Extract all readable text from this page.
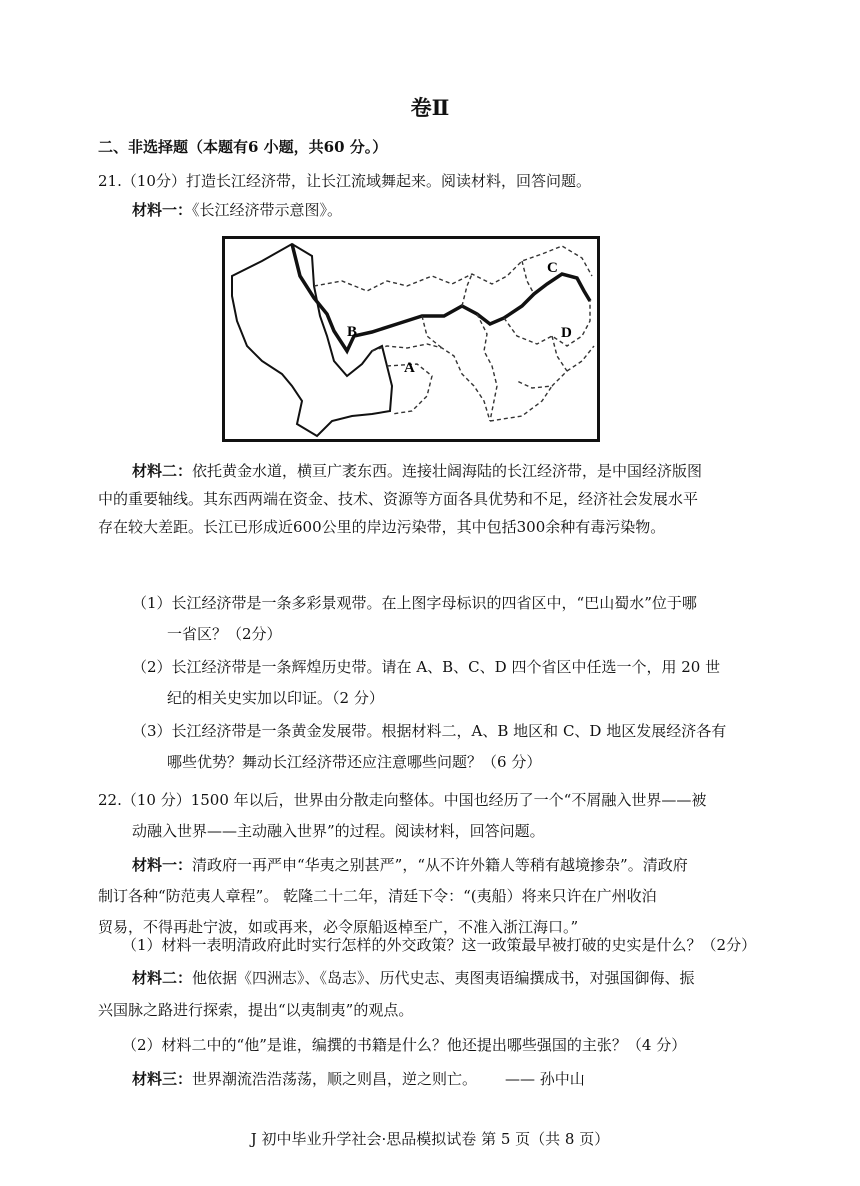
卷Ⅱ
二、非选择题（本题有6 小题，共60 分。）
21.（10分）打造长江经济带，让长江流域舞起来。阅读材料，回答问题。
材料一：《长江经济带示意图》。
B
A
C
D
材料二：依托黄金水道，横亘广袤东西。连接壮阔海陆的长江经济带，是中国经济版图
中的重要轴线。其东西两端在资金、技术、资源等方面各具优势和不足，经济社会发展水平
存在较大差距。长江已形成近600公里的岸边污染带，其中包括300余种有毒污染物。
（1）长江经济带是一条多彩景观带。在上图字母标识的四省区中，“巴山蜀水”位于哪
一省区？（2分）
（2）长江经济带是一条辉煌历史带。请在 A、B、C、D 四个省区中任选一个，用 20 世
纪的相关史实加以印证。（2 分）
（3）长江经济带是一条黄金发展带。根据材料二，A、B 地区和 C、D 地区发展经济各有
哪些优势？舞动长江经济带还应注意哪些问题？（6 分）
22.（10 分）1500 年以后，世界由分散走向整体。中国也经历了一个“不屑融入世界——被
动融入世界——主动融入世界”的过程。阅读材料，回答问题。
材料一：清政府一再严申“华夷之别甚严”，“从不许外籍人等稍有越境掺杂”。清政府
制订各种“防范夷人章程”。 乾隆二十二年，清廷下令：“(夷船）将来只许在广州收泊
贸易，不得再赴宁波，如或再来，必令原船返棹至广，不准入浙江海口。”
（1）材料一表明清政府此时实行怎样的外交政策？这一政策最早被打破的史实是什么？（2分）
材料二：他依据《四洲志》、《岛志》、历代史志、夷图夷语编撰成书，对强国御侮、振
兴国脉之路进行探索，提出“以夷制夷”的观点。
（2）材料二中的“他”是谁，编撰的书籍是什么？他还提出哪些强国的主张？（4 分）
材料三：世界潮流浩浩荡荡，顺之则昌，逆之则亡。 —— 孙中山
J 初中毕业升学社会·思品模拟试卷 第 5 页（共 8 页）
